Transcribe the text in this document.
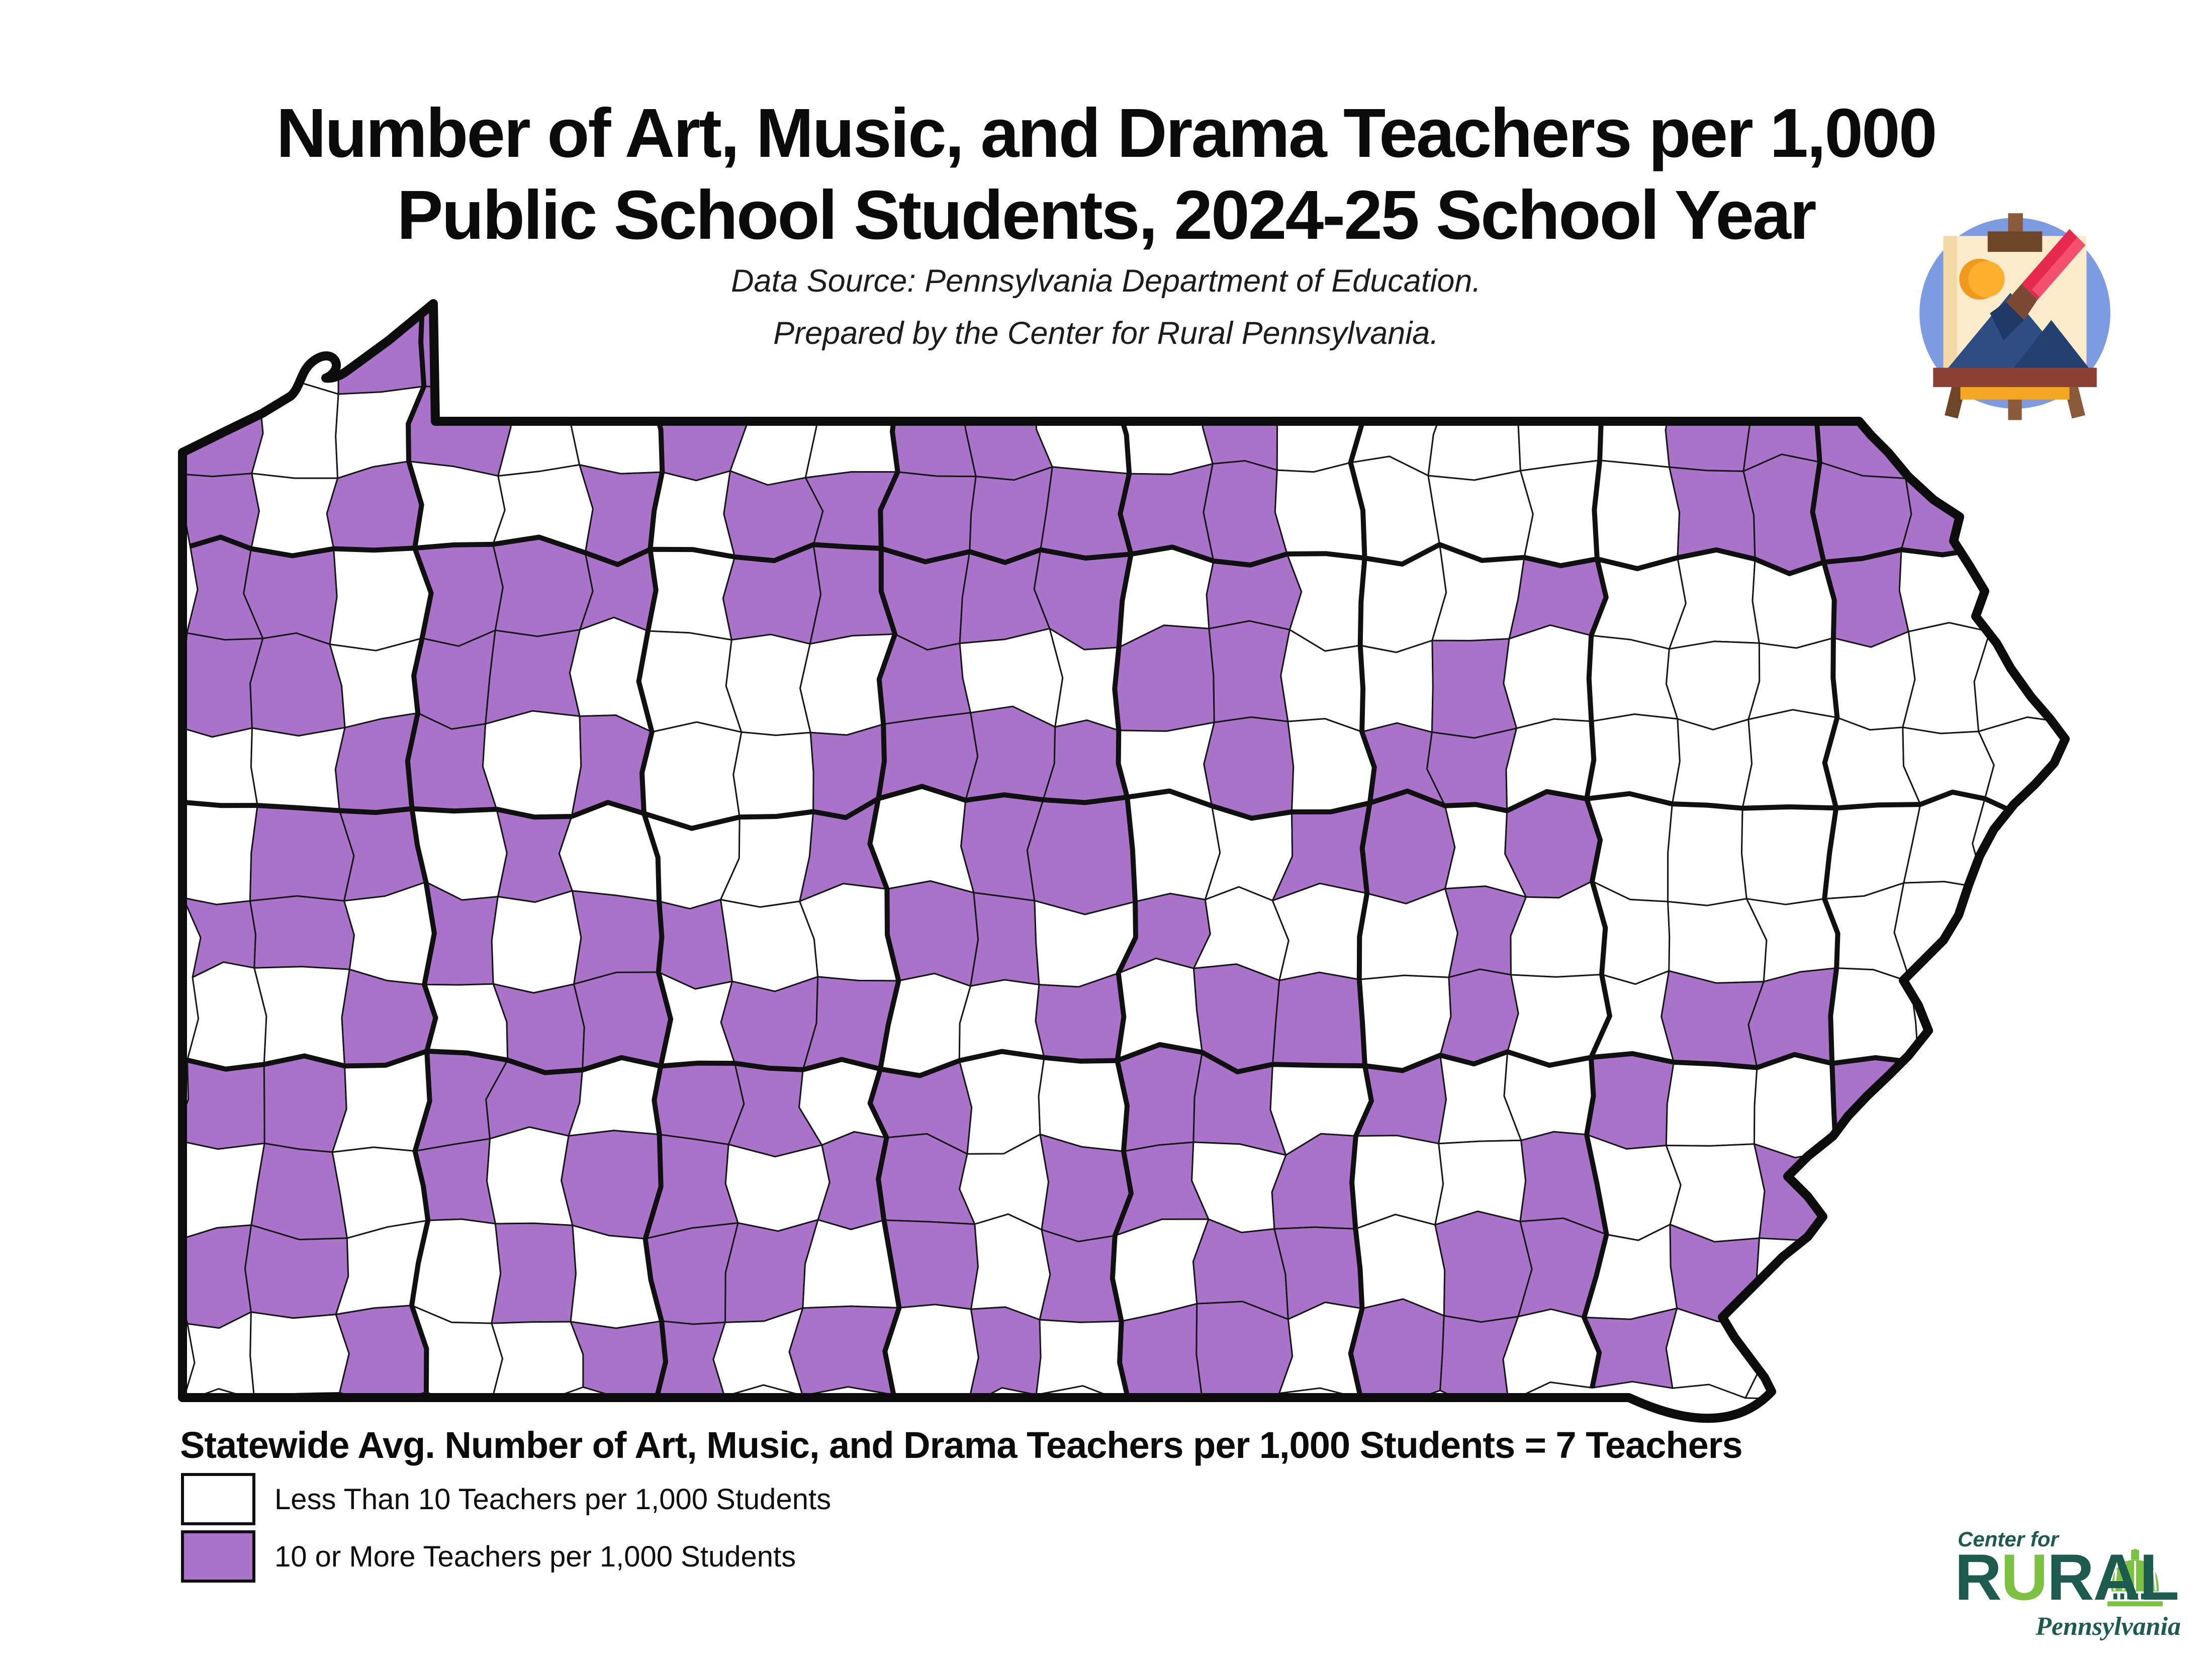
Number of Art, Music, and Drama Teachers per 1,000
Public School Students, 2024-25 School Year
Data Source: Pennsylvania Department of Education.
Prepared by the Center for Rural Pennsylvania.
Statewide Avg. Number of Art, Music, and Drama Teachers per 1,000 Students = 7 Teachers
Less Than 10 Teachers per 1,000 Students
10 or More Teachers per 1,000 Students
Center for
RURAL
Pennsylvania
